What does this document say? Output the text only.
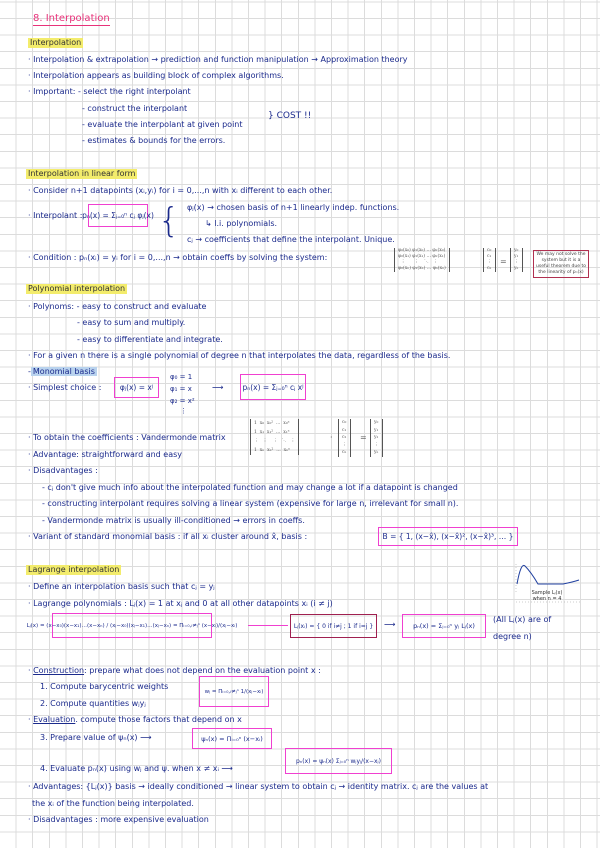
8. Interpolation
Interpolation
· Interpolation & extrapolation → prediction and function manipulation → Approximation theory
· Interpolation appears as building block of complex algorithms.
· Important: - select the right interpolant
- construct the interpolant
- evaluate the interpolant at given point
- estimates & bounds for the errors.
} COST !!
Interpolation in linear form
· Consider n+1 datapoints (xᵢ,yᵢ) for i = 0,...,n with xᵢ different to each other.
· Interpolant : pₙ(x) = Σⱼ₌₀ⁿ cⱼ φⱼ(x) { φⱼ(x) → chosen basis of n+1 linearly indep. functions.
↳ l.i. polynomials.
cⱼ → coefficients that define the interpolant. Unique.
· Condition : pₙ(xᵢ) = yᵢ for i = 0,...,n → obtain coeffs by solving the system:
φ₀(x₀) φ₁(x₀) … φₙ(x₀)
φ₀(x₁) φ₁(x₁) … φₙ(x₁)
⋮      ⋮    ⋱   ⋮
φ₀(xₙ) φ₁(xₙ) … φₙ(xₙ)
c₀
c₁
⋮
cₙ
=
y₀
y₁
⋮
yₙ
We may not solve the system but it is a useful theorem due to the linearity of pₙ(x)
Polynomial interpolation
· Polynoms: - easy to construct and evaluate
- easy to sum and multiply.
- easy to differentiate and integrate.
· For a given n there is a single polynomial of degree n that interpolates the data, regardless of the basis.
- Monomial basis
· Simplest choice :	φⱼ(x) = xʲ
φ₀ = 1
φ₁ = x
φ₂ = x²
⋮
⟶	pₙ(x) = Σⱼ₌₀ⁿ cⱼ xʲ
1  x₀  x₀²  …  x₀ⁿ
1  x₁  x₁²  …  x₁ⁿ
⋮   ⋮    ⋮   ⋱   ⋮
1  xₙ  xₙ²  …  xₙⁿ
·
c₀
c₁
c₂
⋮
cₙ
=
y₀
y₁
y₂
⋮
yₙ
· To obtain the coefficients : Vandermonde matrix
· Advantage: straightforward and easy
· Disadvantages :
- cⱼ don't give much info about the interpolated function and may change a lot if a datapoint is changed
- constructing interpolant requires solving a linear system (expensive for large n, irrelevant for small n).
- Vandermonde matrix is usually ill-conditioned → errors in coeffs.
· Variant of standard monomial basis : if all xᵢ cluster around x̂, basis :	B = { 1, (x−x̂), (x−x̂)², (x−x̂)³, … }
Sample Lⱼ(x)
when n = 4
Lagrange interpolation
· Define an interpolation basis such that cⱼ = yⱼ
· Lagrange polynomials : Lⱼ(x) = 1 at xⱼ and 0 at all other datapoints xᵢ (i ≠ j)
Lⱼ(x) = (x−x₀)(x−x₁)…(x−xₙ) / (xⱼ−x₀)(xⱼ−x₁)…(xⱼ−xₙ) = Πᵢ₌₀,ᵢ≠ⱼⁿ (x−xᵢ)/(xⱼ−xᵢ)	Lⱼ(xᵢ) = { 0 if i≠j ; 1 if i=j }	⟶	pₙ(x) = Σⱼ₌₀ⁿ yⱼ Lⱼ(x)
(All Lⱼ(x) are of
degree n)
· Construction: prepare what does not depend on the evaluation point x :
1. Compute barycentric weights
wⱼ = Πᵢ₌₀,ᵢ≠ⱼⁿ 1/(xⱼ−xᵢ)
2. Compute quantities wⱼyⱼ
· Evaluation. compute those factors that depend on x
3. Prepare value of ψₙ(x) ⟶	ψₙ(x) = Πᵢ₌₀ⁿ (x−xᵢ)
4. Evaluate pₙ(x) using wⱼ and ψ. when x ≠ xᵢ ⟶
pₙ(x) = ψₙ(x) Σⱼ₌₀ⁿ wⱼyⱼ/(x−xⱼ)
· Advantages: {Lⱼ(x)} basis → ideally conditioned → linear system to obtain cⱼ → identity matrix. cⱼ are the values at
the xᵢ of the function being interpolated.
· Disadvantages : more expensive evaluation
